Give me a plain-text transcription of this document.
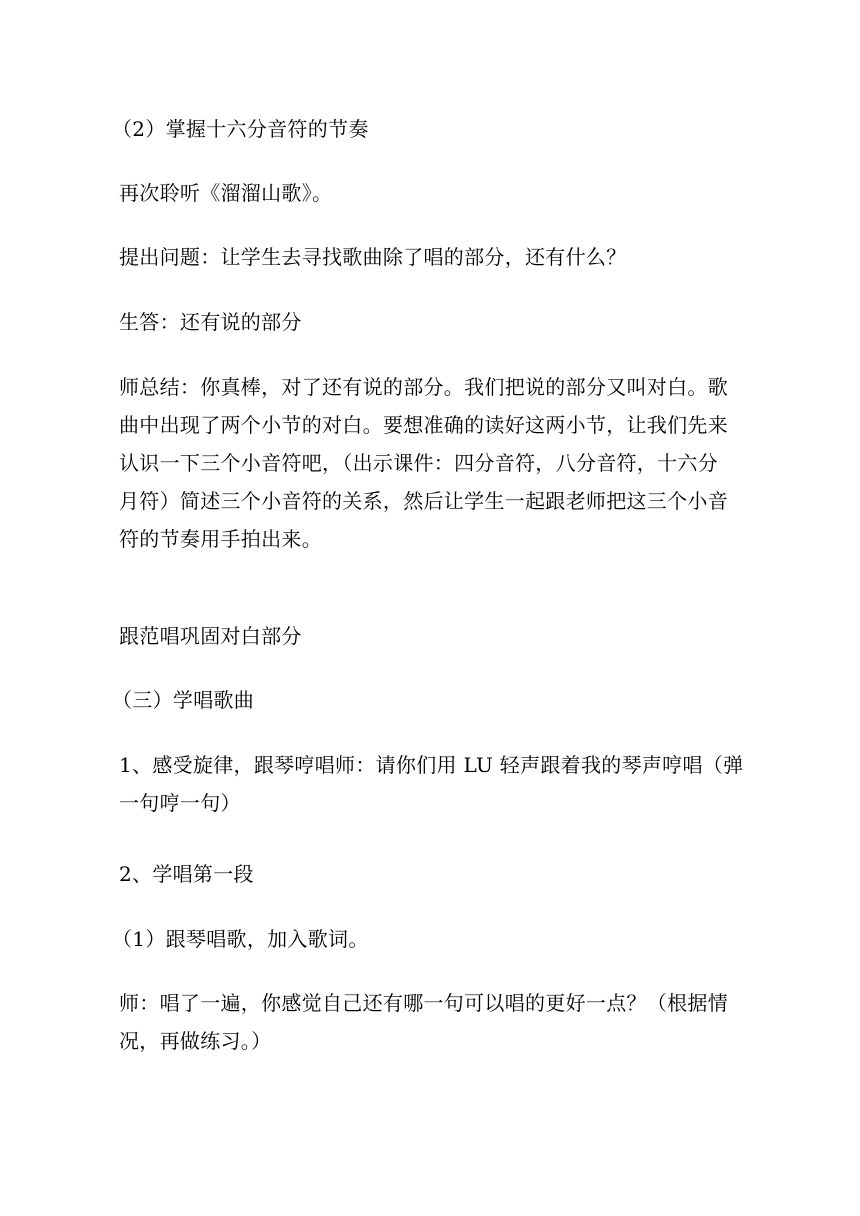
（2）掌握十六分音符的节奏

再次聆听《溜溜山歌》。

提出问题：让学生去寻找歌曲除了唱的部分，还有什么？

生答：还有说的部分

师总结：你真棒，对了还有说的部分。我们把说的部分又叫对白。歌
曲中出现了两个小节的对白。要想准确的读好这两小节，让我们先来
认识一下三个小音符吧，（出示课件：四分音符，八分音符，十六分
月符）简述三个小音符的关系，然后让学生一起跟老师把这三个小音
符的节奏用手拍出来。

跟范唱巩固对白部分

（三）学唱歌曲

1、感受旋律，跟琴哼唱师：请你们用 LU 轻声跟着我的琴声哼唱（弹
一句哼一句）

2、学唱第一段

（1）跟琴唱歌，加入歌词。

师：唱了一遍，你感觉自己还有哪一句可以唱的更好一点？（根据情
况，再做练习。）
